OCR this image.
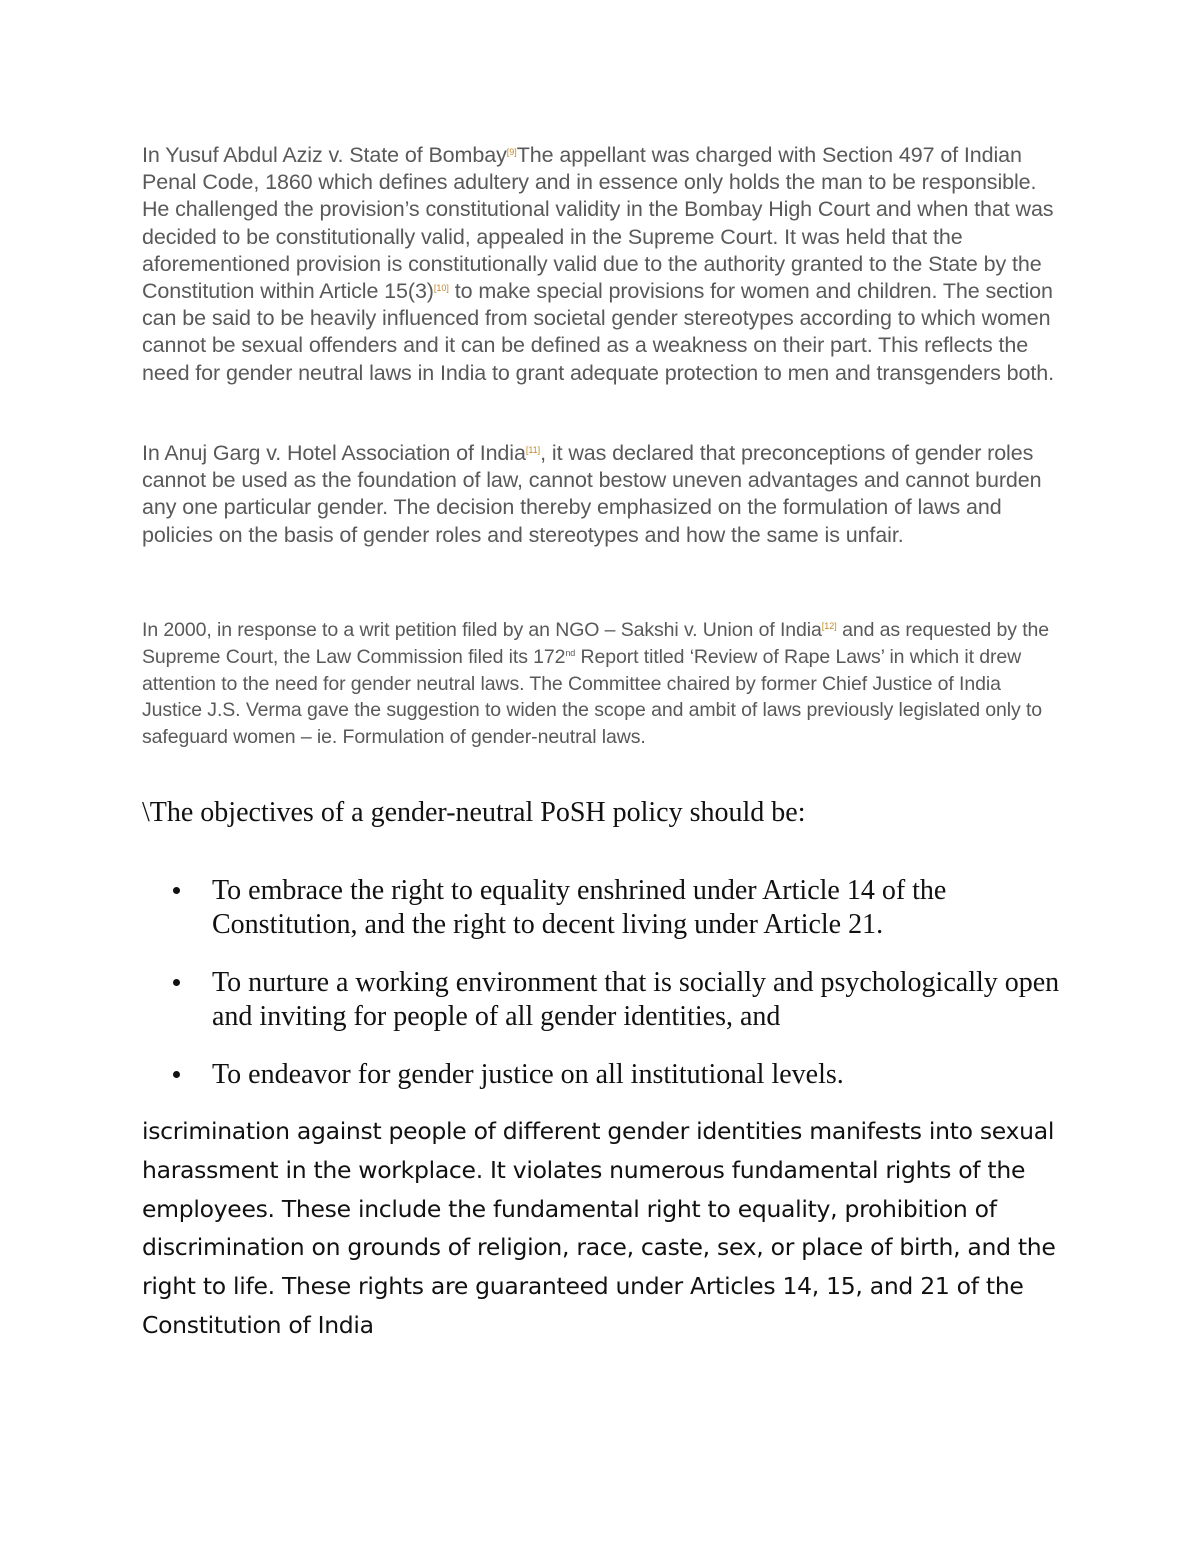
In Yusuf Abdul Aziz v. State of Bombay[9]The appellant was charged with Section 497 of Indian Penal Code, 1860 which defines adultery and in essence only holds the man to be responsible. He challenged the provision’s constitutional validity in the Bombay High Court and when that was decided to be constitutionally valid, appealed in the Supreme Court. It was held that the aforementioned provision is constitutionally valid due to the authority granted to the State by the Constitution within Article 15(3)[10] to make special provisions for women and children. The section can be said to be heavily influenced from societal gender stereotypes according to which women cannot be sexual offenders and it can be defined as a weakness on their part. This reflects the need for gender neutral laws in India to grant adequate protection to men and transgenders both.

In Anuj Garg v. Hotel Association of India[11], it was declared that preconceptions of gender roles cannot be used as the foundation of law, cannot bestow uneven advantages and cannot burden any one particular gender. The decision thereby emphasized on the formulation of laws and policies on the basis of gender roles and stereotypes and how the same is unfair.

In 2000, in response to a writ petition filed by an NGO – Sakshi v. Union of India[12] and as requested by the Supreme Court, the Law Commission filed its 172nd Report titled ‘Review of Rape Laws’ in which it drew attention to the need for gender neutral laws. The Committee chaired by former Chief Justice of India Justice J.S. Verma gave the suggestion to widen the scope and ambit of laws previously legislated only to safeguard women – ie. Formulation of gender-neutral laws.

\The objectives of a gender-neutral PoSH policy should be:

To embrace the right to equality enshrined under Article 14 of the Constitution, and the right to decent living under Article 21.
To nurture a working environment that is socially and psychologically open and inviting for people of all gender identities, and
To endeavor for gender justice on all institutional levels.

iscrimination against people of different gender identities manifests into sexual harassment in the workplace. It violates numerous fundamental rights of the employees. These include the fundamental right to equality, prohibition of discrimination on grounds of religion, race, caste, sex, or place of birth, and the right to life. These rights are guaranteed under Articles 14, 15, and 21 of the Constitution of India
